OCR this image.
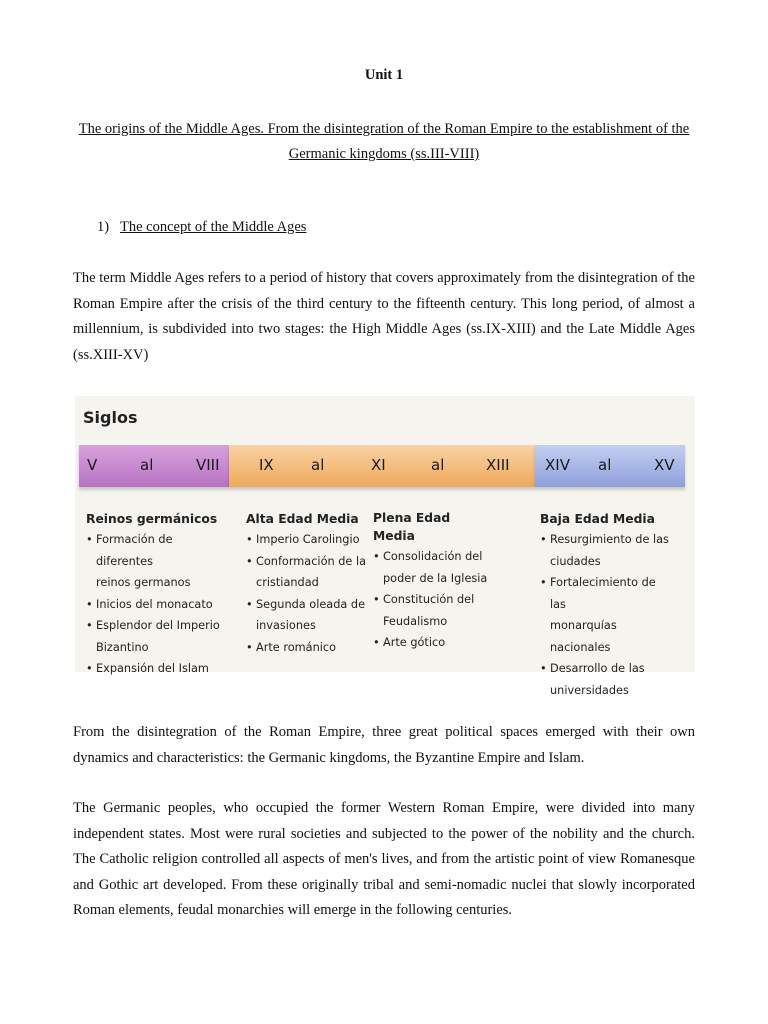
Unit 1
The origins of the Middle Ages. From the disintegration of the Roman Empire to the establishment of the Germanic kingdoms (ss.III-VIII)
1) The concept of the Middle Ages

The term Middle Ages refers to a period of history that covers approximately from the disintegration of the Roman Empire after the crisis of the third century to the fifteenth century. This long period, of almost a millennium, is subdivided into two stages: the High Middle Ages (ss.IX-XIII) and the Late Middle Ages (ss.XIII-XV)

Siglos
V	al	VIII	IX al	XI	al	XIII XIV al	XV
Reinos germánicos
• Formación de diferentes
reinos germanos
• Inicios del monacato
• Esplendor del Imperio
Bizantino
• Expansión del Islam
Alta Edad Media
• Imperio Carolingio
• Conformación de la
cristiandad
• Segunda oleada de
invasiones
• Arte románico
Plena Edad Media
• Consolidación del
poder de la Iglesia
• Constitución del
Feudalismo
• Arte gótico
Baja Edad Media
• Resurgimiento de las
ciudades
• Fortalecimiento de las
monarquías nacionales
• Desarrollo de las
universidades

From the disintegration of the Roman Empire, three great political spaces emerged with their own dynamics and characteristics: the Germanic kingdoms, the Byzantine Empire and Islam.

The Germanic peoples, who occupied the former Western Roman Empire, were divided into many independent states. Most were rural societies and subjected to the power of the nobility and the church. The Catholic religion controlled all aspects of men's lives, and from the artistic point of view Romanesque and Gothic art developed. From these originally tribal and semi-nomadic nuclei that slowly incorporated Roman elements, feudal monarchies will emerge in the following centuries.
